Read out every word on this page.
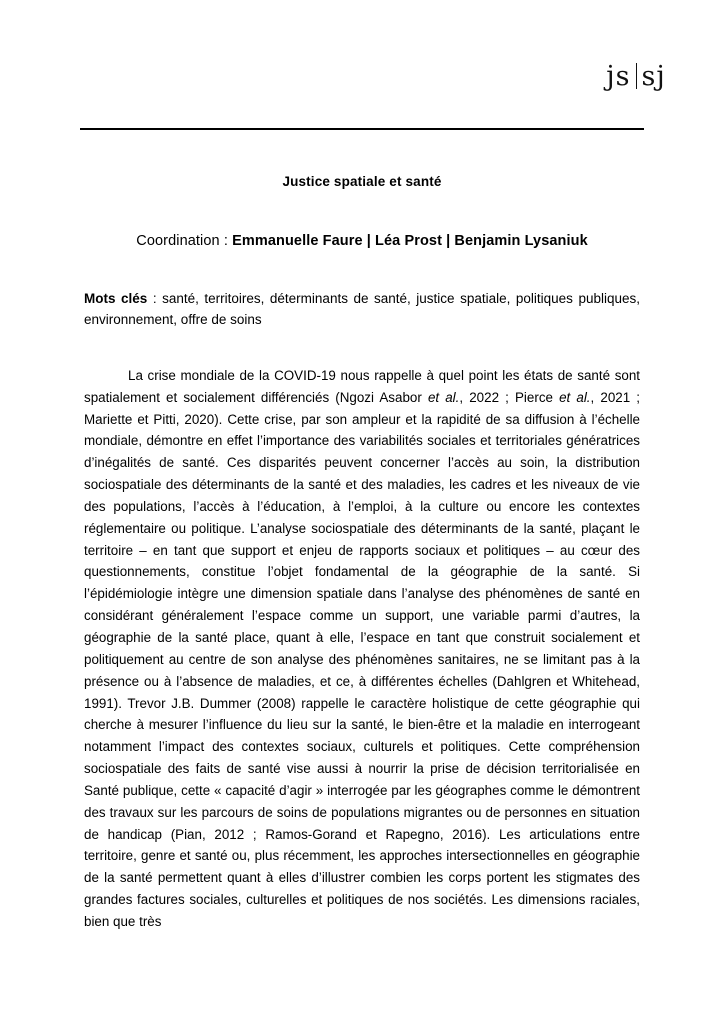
js sj
Justice spatiale et santé

Coordination : Emmanuelle Faure | Léa Prost | Benjamin Lysaniuk

Mots clés : santé, territoires, déterminants de santé, justice spatiale, politiques publiques, environnement, offre de soins

La crise mondiale de la COVID-19 nous rappelle à quel point les états de santé sont spatialement et socialement différenciés (Ngozi Asabor et al., 2022 ; Pierce et al., 2021 ; Mariette et Pitti, 2020). Cette crise, par son ampleur et la rapidité de sa diffusion à l’échelle mondiale, démontre en effet l’importance des variabilités sociales et territoriales génératrices d’inégalités de santé. Ces disparités peuvent concerner l’accès au soin, la distribution sociospatiale des déterminants de la santé et des maladies, les cadres et les niveaux de vie des populations, l’accès à l’éducation, à l’emploi, à la culture ou encore les contextes réglementaire ou politique. L’analyse sociospatiale des déterminants de la santé, plaçant le territoire – en tant que support et enjeu de rapports sociaux et politiques – au cœur des questionnements, constitue l’objet fondamental de la géographie de la santé. Si l’épidémiologie intègre une dimension spatiale dans l’analyse des phénomènes de santé en considérant généralement l’espace comme un support, une variable parmi d’autres, la géographie de la santé place, quant à elle, l’espace en tant que construit socialement et politiquement au centre de son analyse des phénomènes sanitaires, ne se limitant pas à la présence ou à l’absence de maladies, et ce, à différentes échelles (Dahlgren et Whitehead, 1991). Trevor J.B. Dummer (2008) rappelle le caractère holistique de cette géographie qui cherche à mesurer l’influence du lieu sur la santé, le bien-être et la maladie en interrogeant notamment l’impact des contextes sociaux, culturels et politiques. Cette compréhension sociospatiale des faits de santé vise aussi à nourrir la prise de décision territorialisée en Santé publique, cette « capacité d’agir » interrogée par les géographes comme le démontrent des travaux sur les parcours de soins de populations migrantes ou de personnes en situation de handicap (Pian, 2012 ; Ramos-Gorand et Rapegno, 2016). Les articulations entre territoire, genre et santé ou, plus récemment, les approches intersectionnelles en géographie de la santé permettent quant à elles d’illustrer combien les corps portent les stigmates des grandes factures sociales, culturelles et politiques de nos sociétés. Les dimensions raciales, bien que très
